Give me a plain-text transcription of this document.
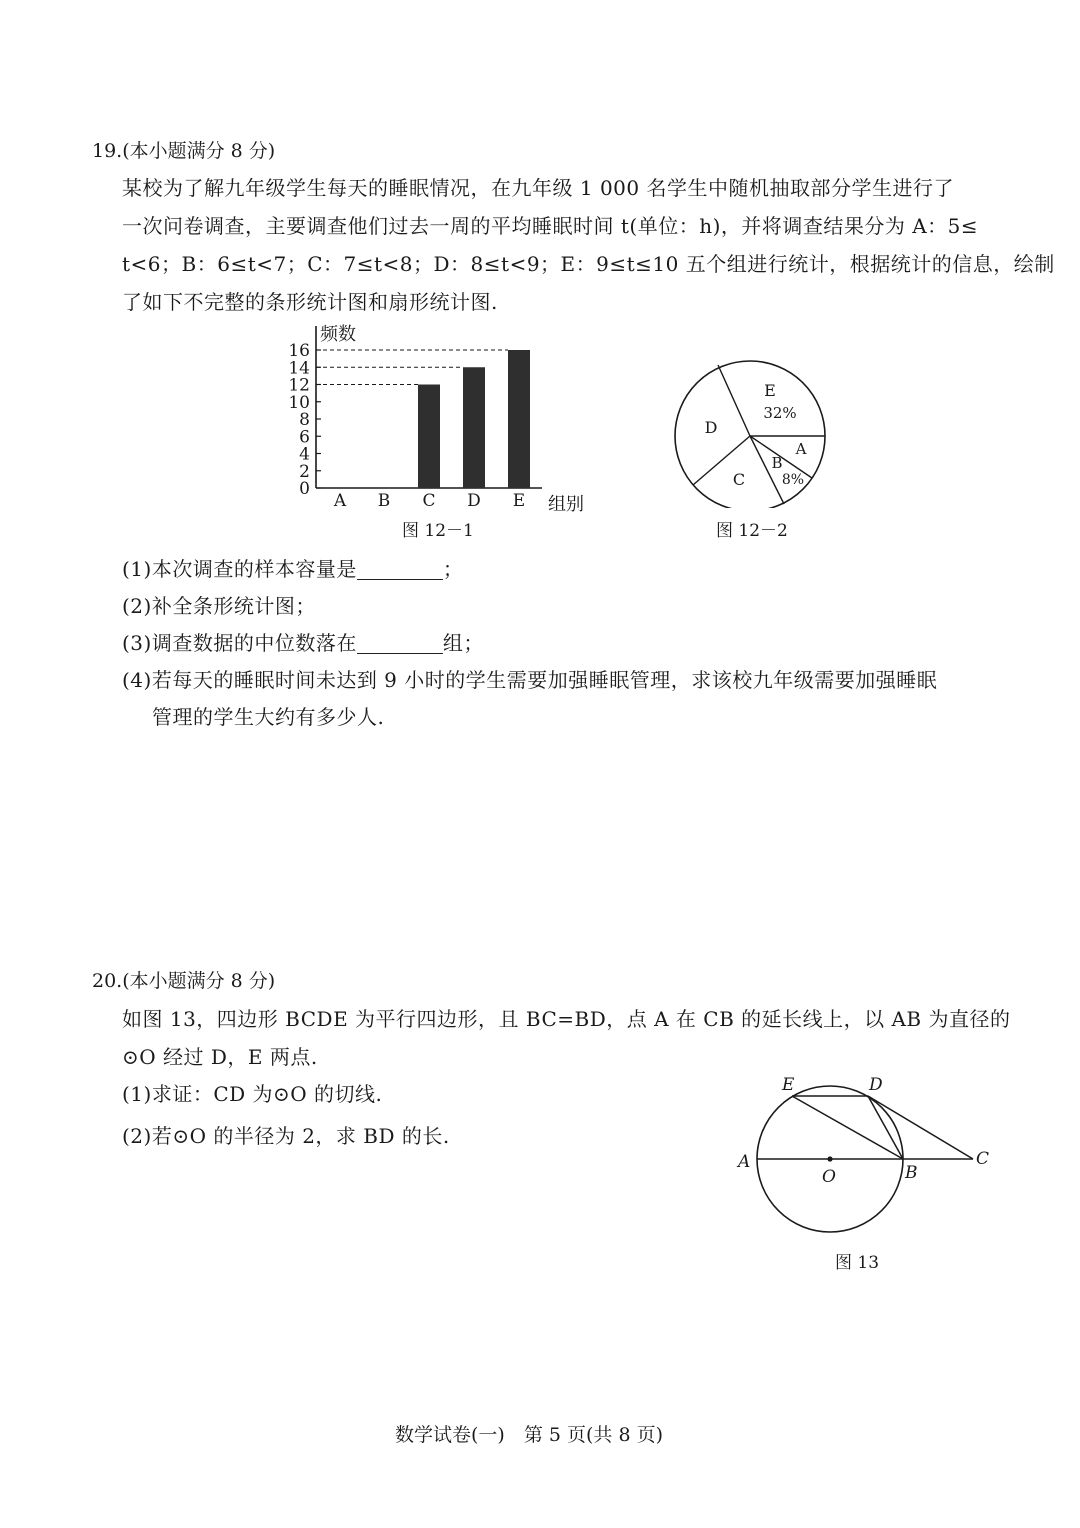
19.(本小题满分 8 分)
某校为了解九年级学生每天的睡眠情况，在九年级 1 000 名学生中随机抽取部分学生进行了
一次问卷调查，主要调查他们过去一周的平均睡眠时间 t(单位：h)，并将调查结果分为 A：5≤
t<6；B：6≤t<7；C：7≤t<8；D：8≤t<9；E：9≤t≤10 五个组进行统计，根据统计的信息，绘制
了如下不完整的条形统计图和扇形统计图.
0
2
4
6
8
10
12
14
16
A B C D E
频数
组别
图 12－1
E
32%
A
B
8%
C
D
图 12－2
(1)本次调查的样本容量是	；
(2)补全条形统计图；
(3)调查数据的中位数落在	组；
(4)若每天的睡眠时间未达到 9 小时的学生需要加强睡眠管理，求该校九年级需要加强睡眠
管理的学生大约有多少人.
20.(本小题满分 8 分)
如图 13，四边形 BCDE 为平行四边形，且 BC=BD，点 A 在 CB 的延长线上，以 AB 为直径的
⊙O 经过 D，E 两点.
(1)求证：CD 为⊙O 的切线.
(2)若⊙O 的半径为 2，求 BD 的长.
E	D
A
O	B
C
图 13
数学试卷(一)　第 5 页(共 8 页)
